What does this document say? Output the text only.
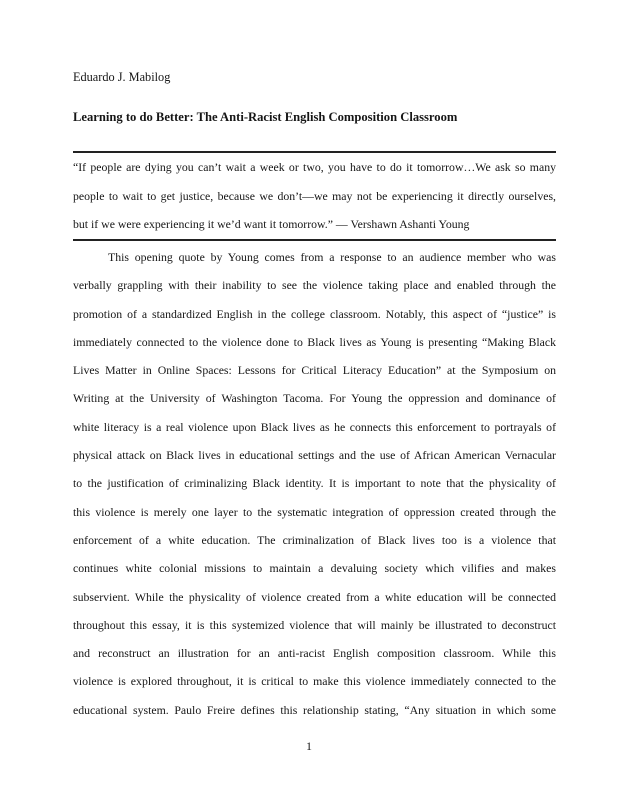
Eduardo J. Mabilog
Learning to do Better: The Anti-Racist English Composition Classroom
“If people are dying you can’t wait a week or two, you have to do it tomorrow…We ask so many
people to wait to get justice, because we don’t—we may not be experiencing it directly ourselves,
but if we were experiencing it we’d want it tomorrow.” — Vershawn Ashanti Young
This opening quote by Young comes from a response to an audience member who was
verbally grappling with their inability to see the violence taking place and enabled through the
promotion of a standardized English in the college classroom. Notably, this aspect of “justice” is
immediately connected to the violence done to Black lives as Young is presenting “Making Black
Lives Matter in Online Spaces: Lessons for Critical Literacy Education” at the Symposium on
Writing at the University of Washington Tacoma. For Young the oppression and dominance of
white literacy is a real violence upon Black lives as he connects this enforcement to portrayals of
physical attack on Black lives in educational settings and the use of African American Vernacular
to the justification of criminalizing Black identity. It is important to note that the physicality of
this violence is merely one layer to the systematic integration of oppression created through the
enforcement of a white education. The criminalization of Black lives too is a violence that
continues white colonial missions to maintain a devaluing society which vilifies and makes
subservient. While the physicality of violence created from a white education will be connected
throughout this essay, it is this systemized violence that will mainly be illustrated to deconstruct
and reconstruct an illustration for an anti-racist English composition classroom. While this
violence is explored throughout, it is critical to make this violence immediately connected to the
educational system. Paulo Freire defines this relationship stating, “Any situation in which some
1
